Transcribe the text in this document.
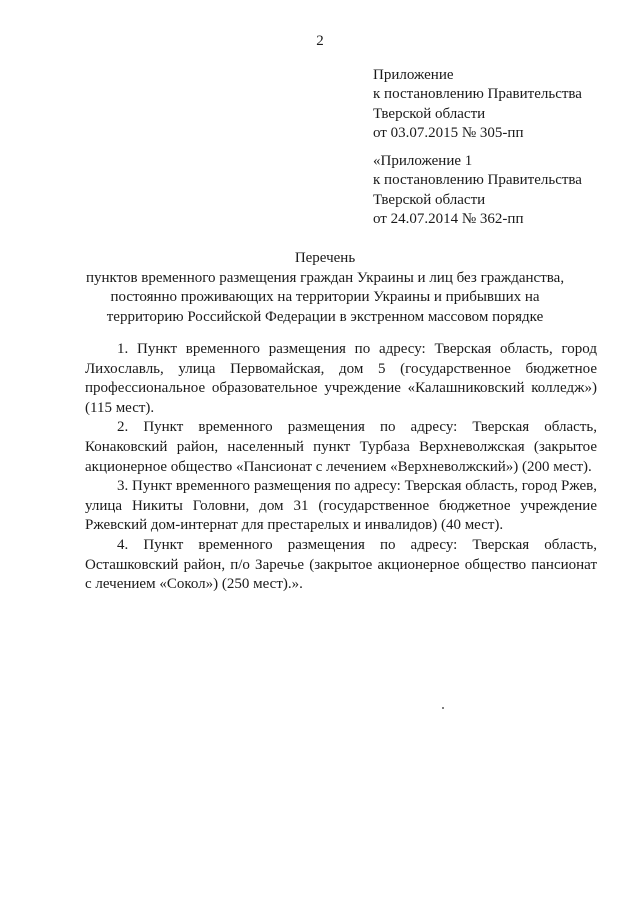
2
Приложение
к постановлению Правительства
Тверской области
от 03.07.2015 № 305-пп
«Приложение 1
к постановлению Правительства
Тверской области
от 24.07.2014 № 362-пп
Перечень
пунктов временного размещения граждан Украины и лиц без гражданства,
постоянно проживающих на территории Украины и прибывших на
территорию Российской Федерации в экстренном массовом порядке

1. Пункт временного размещения по адресу: Тверская область, город Лихославль, улица Первомайская, дом 5 (государственное бюджетное профессиональное образовательное учреждение «Калашниковский колледж») (115 мест).

2. Пункт временного размещения по адресу: Тверская область, Конаковский район, населенный пункт Турбаза Верхневолжская (закрытое акционерное общество «Пансионат с лечением «Верхневолжский») (200 мест).

3. Пункт временного размещения по адресу: Тверская область, город Ржев, улица Никиты Головни, дом 31 (государственное бюджетное учреждение Ржевский дом-интернат для престарелых и инвалидов) (40 мест).

4. Пункт временного размещения по адресу: Тверская область, Осташковский район, п/о Заречье (закрытое акционерное общество пансионат с лечением «Сокол») (250 мест).».
